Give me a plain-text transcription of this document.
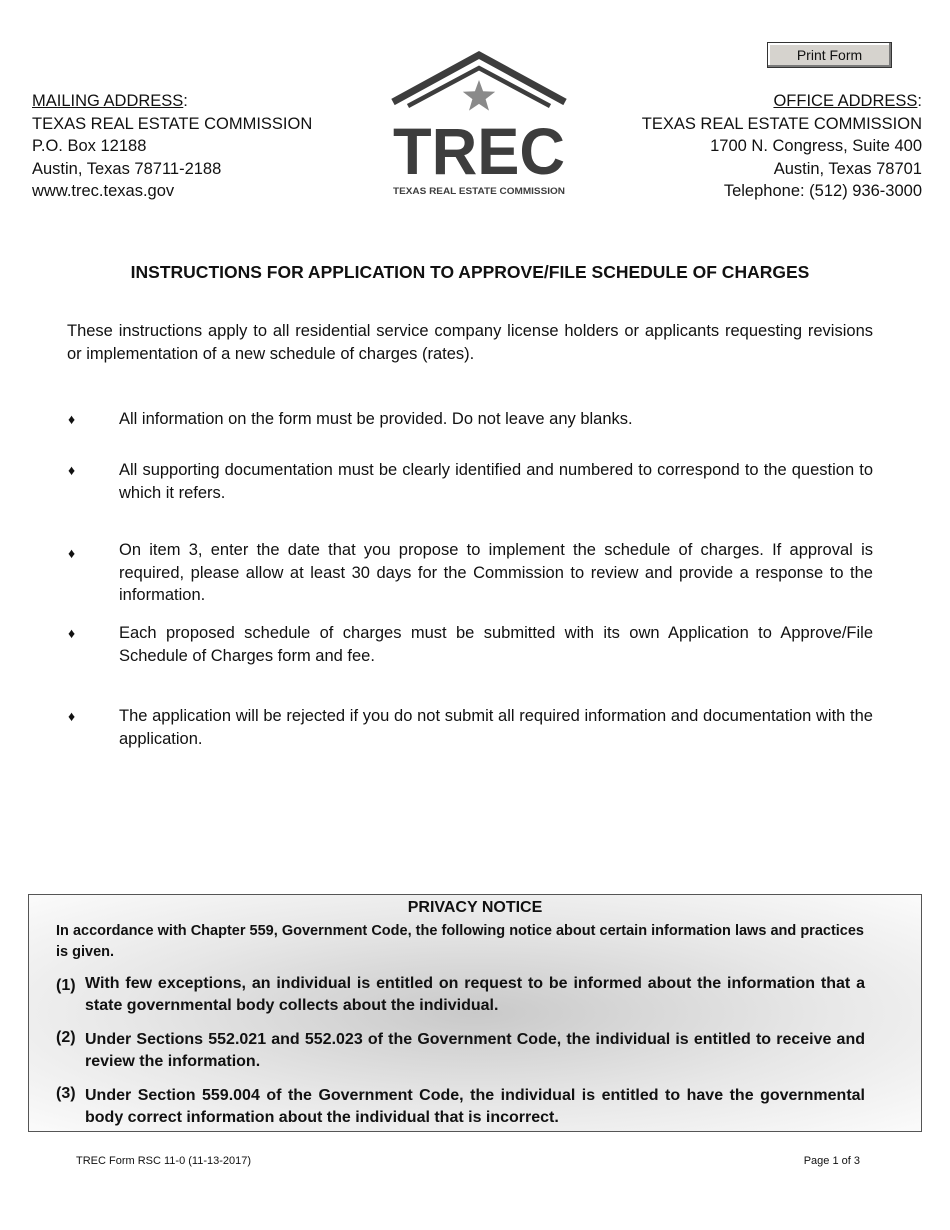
Print Form
MAILING ADDRESS:
TEXAS REAL ESTATE COMMISSION
P.O. Box 12188
Austin, Texas 78711-2188
www.trec.texas.gov
TREC
TEXAS REAL ESTATE COMMISSION
OFFICE ADDRESS:
TEXAS REAL ESTATE COMMISSION
1700 N. Congress, Suite 400
Austin, Texas 78701
Telephone: (512) 936-3000
INSTRUCTIONS FOR APPLICATION TO APPROVE/FILE SCHEDULE OF CHARGES
These instructions apply to all residential service company license holders or applicants requesting revisions or implementation of a new schedule of charges (rates).
♦	All information on the form must be provided. Do not leave any blanks.
♦	All supporting documentation must be clearly identified and numbered to correspond to the question to which it refers.
♦	On item 3, enter the date that you propose to implement the schedule of charges. If approval is required, please allow at least 30 days for the Commission to review and provide a response to the information.
♦	Each proposed schedule of charges must be submitted with its own Application to Approve/File Schedule of Charges form and fee.
♦	The application will be rejected if you do not submit all required information and documentation with the application.
PRIVACY NOTICE
In accordance with Chapter 559, Government Code, the following notice about certain information laws and practices is given.
(1) With few exceptions, an individual is entitled on request to be informed about the information that a state governmental body collects about the individual.
(2) Under Sections 552.021 and 552.023 of the Government Code, the individual is entitled to receive and review the information.
(3) Under Section 559.004 of the Government Code, the individual is entitled to have the governmental body correct information about the individual that is incorrect.
TREC Form RSC 11-0 (11-13-2017)	Page 1 of 3
